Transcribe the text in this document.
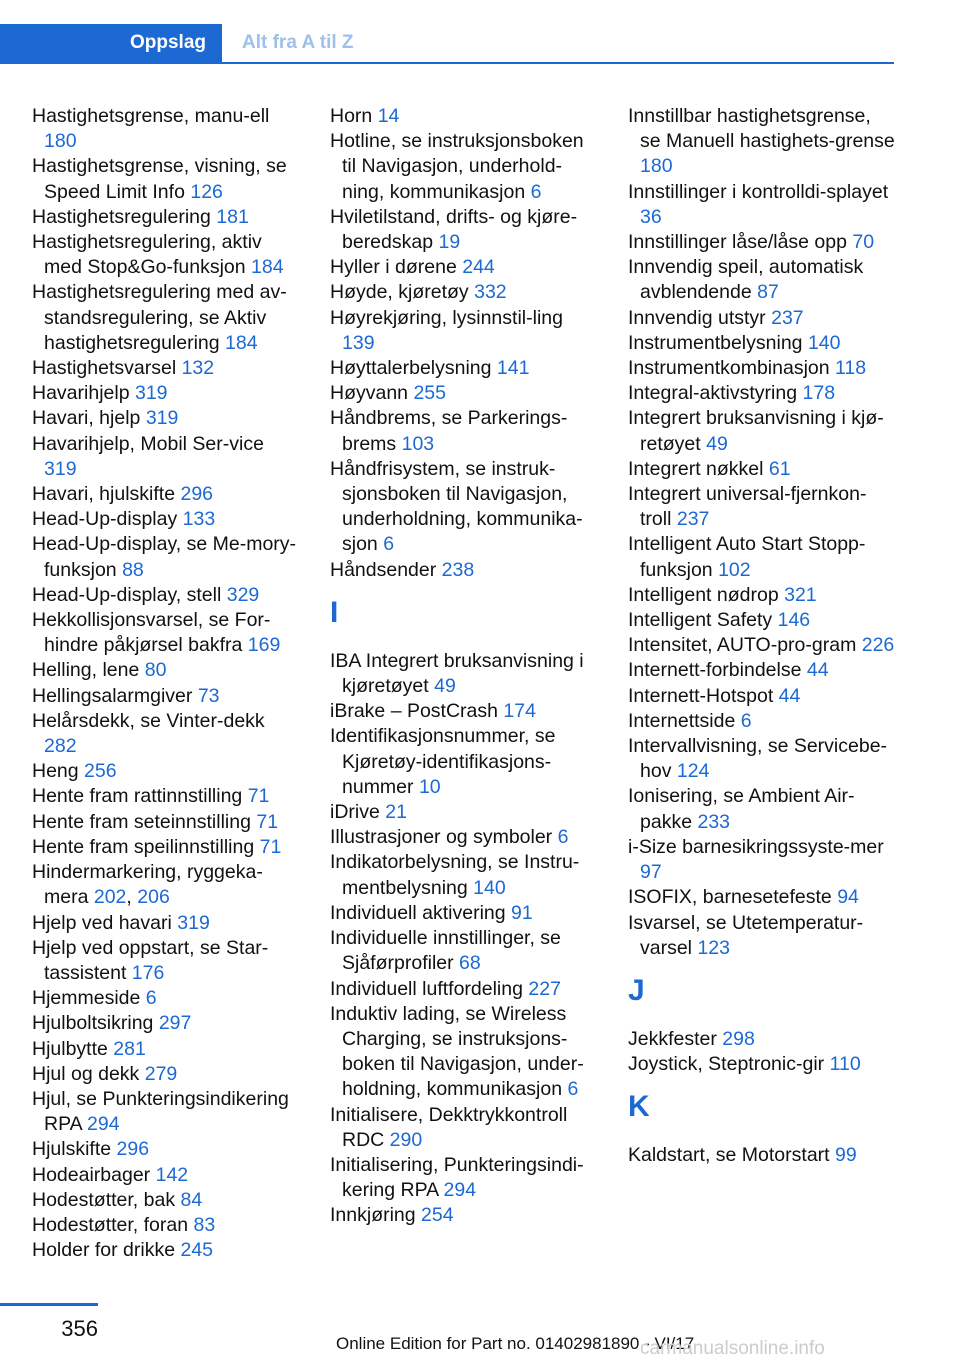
Oppslag Alt fra A til Z
Hastighetsgrense, manu-ell 180
Hastighetsgrense, visning, se Speed Limit Info 126
Hastighetsregulering 181
Hastighetsregulering, aktiv med Stop&Go-funksjon 184
Hastighetsregulering med av-standsregulering, se Aktiv hastighetsregulering 184
Hastighetsvarsel 132
Havarihjelp 319
Havari, hjelp 319
Havarihjelp, Mobil Ser-vice 319
Havari, hjulskifte 296
Head-Up-display 133
Head-Up-display, se Me-mory-funksjon 88
Head-Up-display, stell 329
Hekkollisjonsvarsel, se For-hindre påkjørsel bakfra 169
Helling, lene 80
Hellingsalarmgiver 73
Helårsdekk, se Vinter-dekk 282
Heng 256
Hente fram rattinnstilling 71
Hente fram seteinnstilling 71
Hente fram speilinnstilling 71
Hindermarkering, ryggeka-mera 202, 206
Hjelp ved havari 319
Hjelp ved oppstart, se Star-tassistent 176
Hjemmeside 6
Hjulboltsikring 297
Hjulbytte 281
Hjul og dekk 279
Hjul, se Punkteringsindikering RPA 294
Hjulskifte 296
Hodeairbager 142
Hodestøtter, bak 84
Hodestøtter, foran 83
Holder for drikke 245
Horn 14
Hotline, se instruksjonsboken til Navigasjon, underhold-ning, kommunikasjon 6
Hviletilstand, drifts- og kjøre-beredskap 19
Hyller i dørene 244
Høyde, kjøretøy 332
Høyrekjøring, lysinnstil-ling 139
Høyttalerbelysning 141
Høyvann 255
Håndbrems, se Parkerings-brems 103
Håndfrisystem, se instruk-sjonsboken til Navigasjon, underholdning, kommunika-sjon 6
Håndsender 238
I
IBA Integrert bruksanvisning i kjøretøyet 49
iBrake – PostCrash 174
Identifikasjonsnummer, se Kjøretøy-identifikasjons-nummer 10
iDrive 21
Illustrasjoner og symboler 6
Indikatorbelysning, se Instru-mentbelysning 140
Individuell aktivering 91
Individuelle innstillinger, se Sjåførprofiler 68
Individuell luftfordeling 227
Induktiv lading, se Wireless Charging, se instruksjons-boken til Navigasjon, under-holdning, kommunikasjon 6
Initialisere, Dekktrykkontroll RDC 290
Initialisering, Punkteringsindi-kering RPA 294
Innkjøring 254
Innstillbar hastighetsgrense, se Manuell hastighets-grense 180
Innstillinger i kontrolldi-splayet 36
Innstillinger låse/låse opp 70
Innvendig speil, automatisk avblendende 87
Innvendig utstyr 237
Instrumentbelysning 140
Instrumentkombinasjon 118
Integral-aktivstyring 178
Integrert bruksanvisning i kjø-retøyet 49
Integrert nøkkel 61
Integrert universal-fjernkon-troll 237
Intelligent Auto Start Stopp-funksjon 102
Intelligent nødrop 321
Intelligent Safety 146
Intensitet, AUTO-pro-gram 226
Internett-forbindelse 44
Internett-Hotspot 44
Internettside 6
Intervallvisning, se Servicebe-hov 124
Ionisering, se Ambient Air-pakke 233
i-Size barnesikringssyste-mer 97
ISOFIX, barnesetefeste 94
Isvarsel, se Utetemperatur-varsel 123
J
Jekkfester 298
Joystick, Steptronic-gir 110
K
Kaldstart, se Motorstart 99
356
Online Edition for Part no. 01402981890 - VI/17
carmanualsonline.info
